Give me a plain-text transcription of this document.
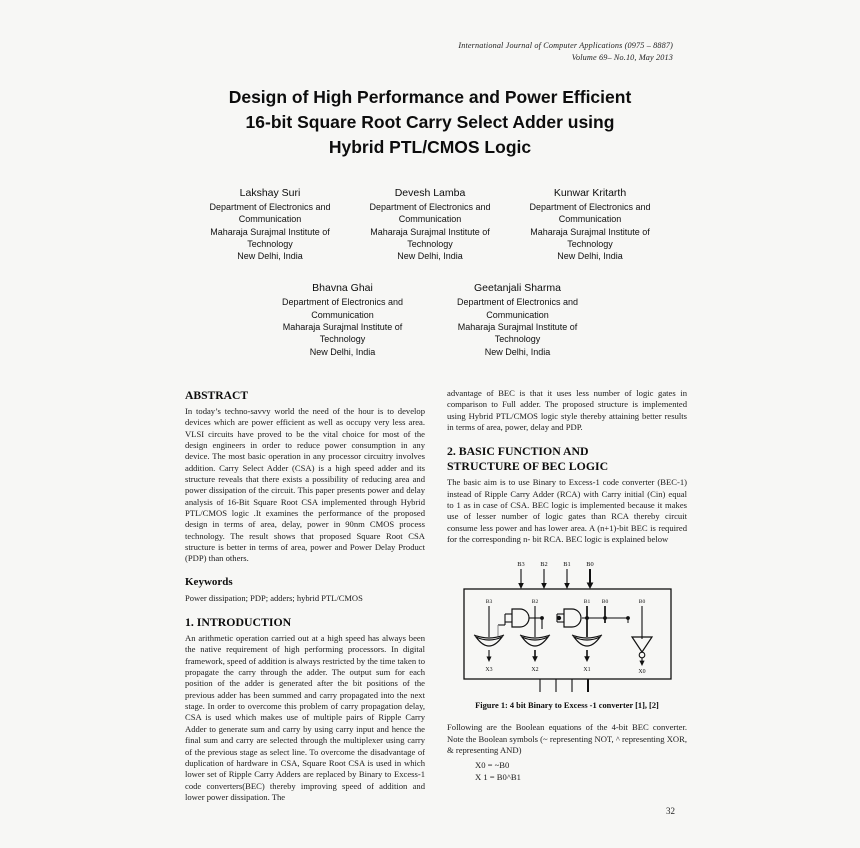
International Journal of Computer Applications (0975 – 8887)
Volume 69– No.10, May 2013
Design of High Performance and Power Efficient
16-bit Square Root Carry Select Adder using
Hybrid PTL/CMOS Logic
Lakshay Suri
Department of Electronics and Communication
Maharaja Surajmal Institute of Technology
New Delhi, India
Devesh Lamba
Department of Electronics and Communication
Maharaja Surajmal Institute of Technology
New Delhi, India
Kunwar Kritarth
Department of Electronics and Communication
Maharaja Surajmal Institute of Technology
New Delhi, India
Bhavna Ghai
Department of Electronics and Communication
Maharaja Surajmal Institute of Technology
New Delhi, India
Geetanjali Sharma
Department of Electronics and Communication
Maharaja Surajmal Institute of Technology
New Delhi, India
ABSTRACT

In today’s techno-savvy world the need of the hour is to develop devices which are power efficient as well as occupy very less area. VLSI circuits have proved to be the vital choice for most of the design engineers in order to reduce power consumption in any device. The most basic operation in any processor circuitry involves addition. Carry Select Adder (CSA) is a high speed adder and its structure reveals that there exists a possibility of reducing area and power dissipation of the circuit. This paper presents power and delay analysis of 16-Bit Square Root CSA implemented through Hybrid PTL/CMOS logic .It examines the performance of the proposed design in terms of area, delay, power in 90nm CMOS process technology. The result shows that proposed Square Root CSA structure is better in terms of area, power and Power Delay Product (PDP) than others.

Keywords

Power dissipation; PDP; adders; hybrid PTL/CMOS

1. INTRODUCTION

An arithmetic operation carried out at a high speed has always been the native requirement of high performing processors. In digital framework, speed of addition is always restricted by the time taken to propagate the carry through the adder. The output sum for each position of the adder is generated after the bit positions of the previous adder has been summed and carry propagated into the next stage. In order to overcome this problem of carry propagation delay, CSA is used which makes use of multiple pairs of Ripple Carry Adder to generate sum and carry by using carry input and hence the final sum and carry are selected through the multiplexer using carry of the previous stage as select line. To overcome the disadvantage of duplication of hardware in CSA, Square Root CSA is used in which lower set of Ripple Carry Adders are replaced by Binary to Excess-1 code converters(BEC) thereby improving speed of addition and lower power dissipation. The

advantage of BEC is that it uses less number of logic gates in comparison to Full adder. The proposed structure is implemented using Hybrid PTL/CMOS logic style thereby attaining better results in terms of area, power, delay and PDP.

2. BASIC FUNCTION AND
STRUCTURE OF BEC LOGIC

The basic aim is to use Binary to Excess-1 code converter (BEC-1) instead of Ripple Carry Adder (RCA) with Carry initial (Cin) equal to 1 as in case of CSA. BEC logic is implemented because it makes use of lesser number of logic gates than RCA thereby circuit consume less power and has lower area. A (n+1)-bit BEC is required for the corresponding n- bit RCA. BEC logic is explained below

B3 B2 B1 B0
B3	B2	B1 B0	B0
X3	X2	X1	X0
Figure 1: 4 bit Binary to Excess -1 converter [1], [2]

Following are the Boolean equations of the 4-bit BEC converter. Note the Boolean symbols (~ representing NOT, ^ representing XOR, & representing AND)

X0 = ~B0
X 1 = B0^B1
32
